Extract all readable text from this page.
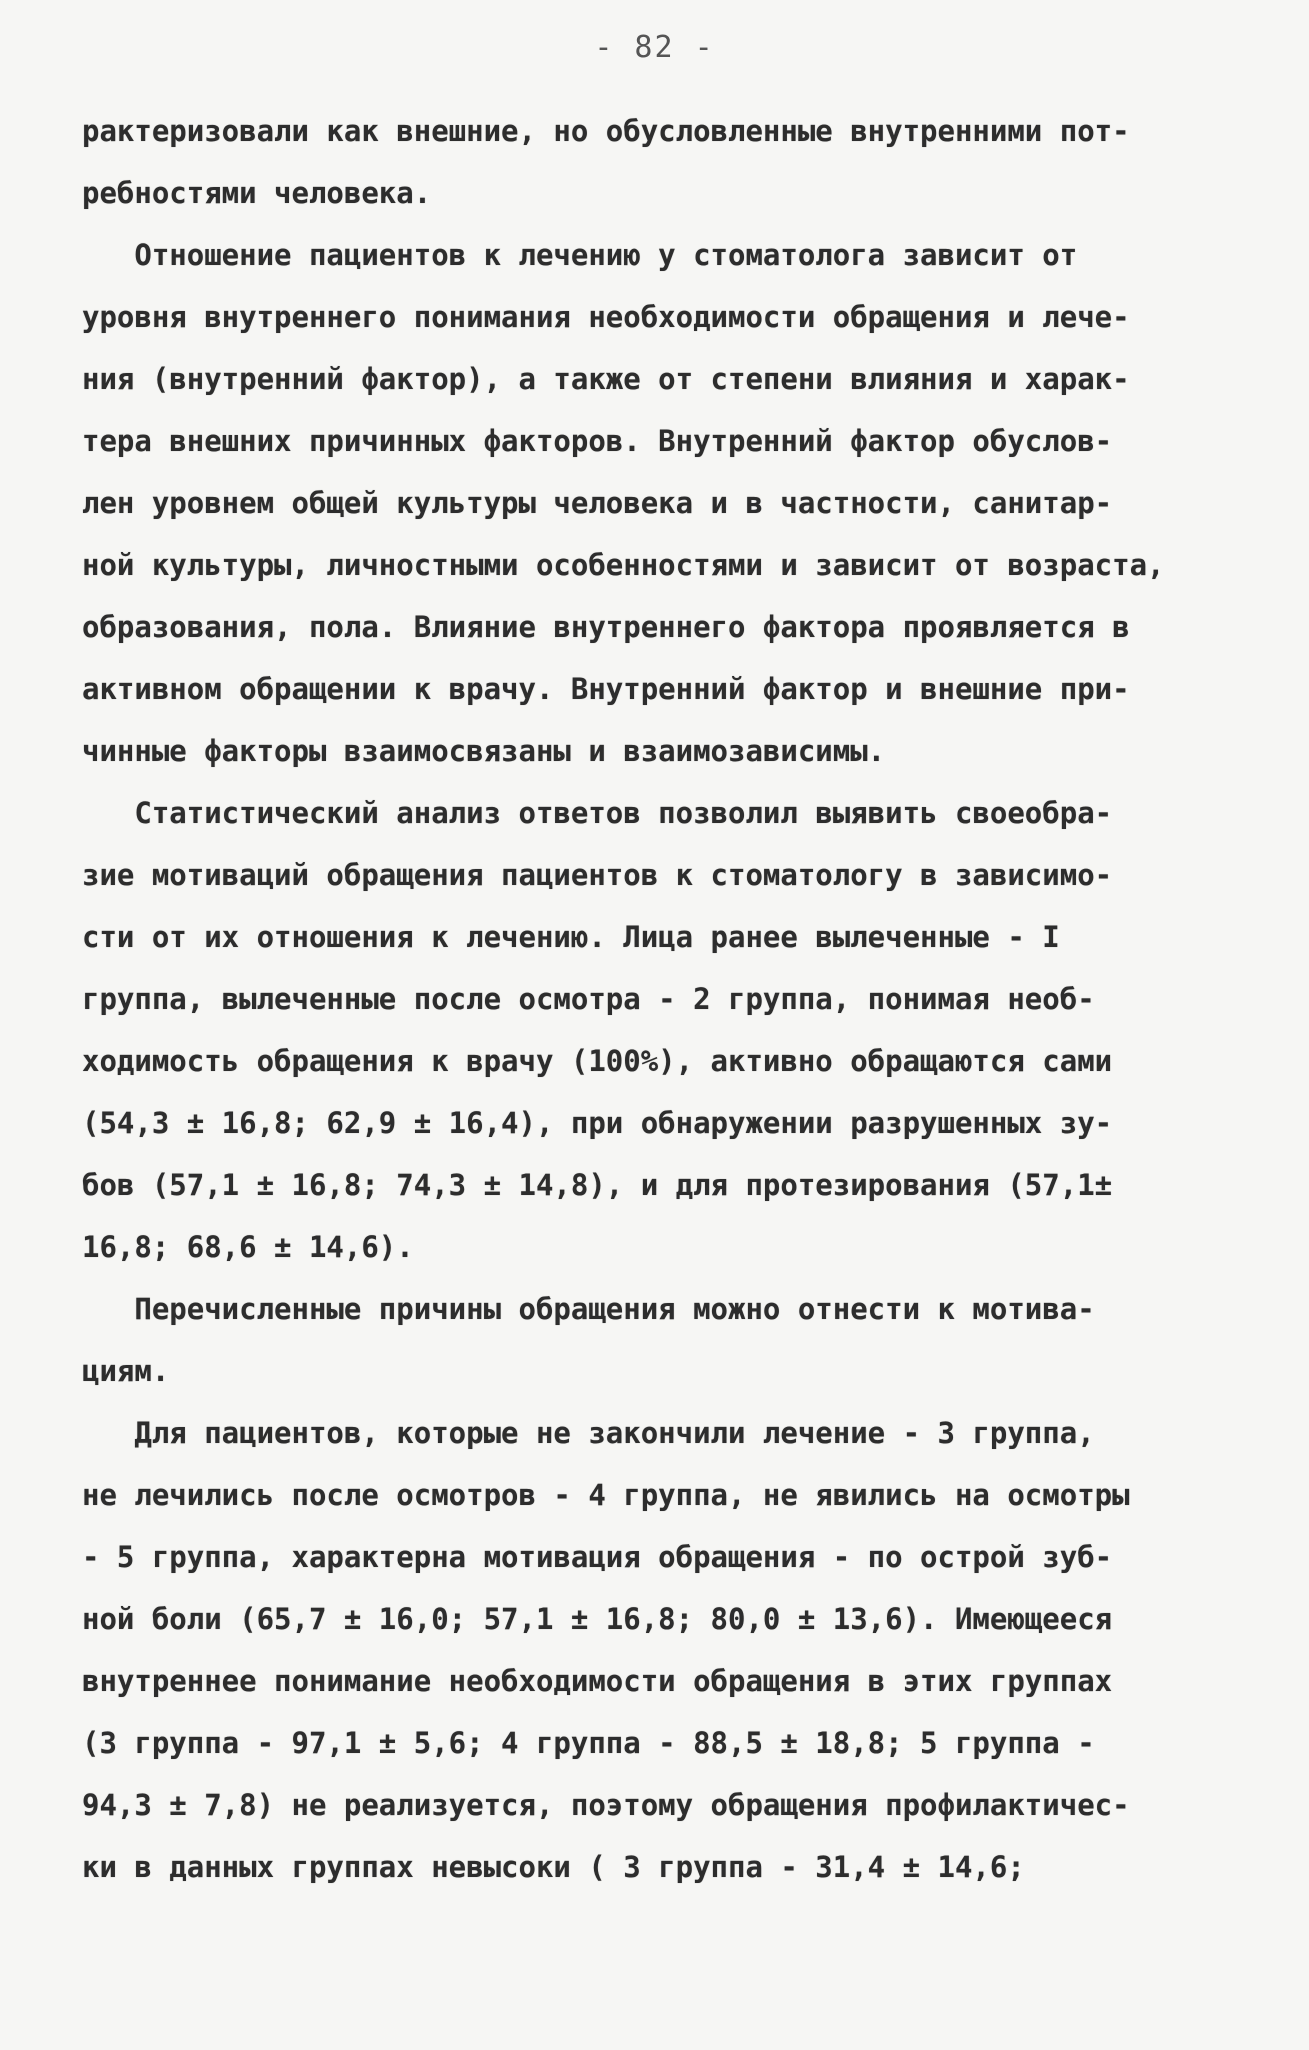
- 82 -
рактеризовали как внешние, но обусловленные внутренними пот-
ребностями человека.
Отношение пациентов к лечению у стоматолога зависит от
уровня внутреннего понимания необходимости обращения и лече-
ния (внутренний фактор), а также от степени влияния и харак-
тера внешних причинных факторов. Внутренний фактор обуслов-
лен уровнем общей культуры человека и в частности, санитар-
ной культуры, личностными особенностями и зависит от возраста,
образования, пола. Влияние внутреннего фактора проявляется в
активном обращении к врачу. Внутренний фактор и внешние при-
чинные факторы взаимосвязаны и взаимозависимы.
Статистический анализ ответов позволил выявить своеобра-
зие мотиваций обращения пациентов к стоматологу в зависимо-
сти от их отношения к лечению. Лица ранее вылеченные - I
группа, вылеченные после осмотра - 2 группа, понимая необ-
ходимость обращения к врачу (100%), активно обращаются сами
(54,3 ± 16,8; 62,9 ± 16,4), при обнаружении разрушенных зу-
бов (57,1 ± 16,8; 74,3 ± 14,8), и для протезирования (57,1±
16,8; 68,6 ± 14,6).
Перечисленные причины обращения можно отнести к мотива-
циям.
Для пациентов, которые не закончили лечение - 3 группа,
не лечились после осмотров - 4 группа, не явились на осмотры
- 5 группа, характерна мотивация обращения - по острой зуб-
ной боли (65,7 ± 16,0; 57,1 ± 16,8; 80,0 ± 13,6). Имеющееся
внутреннее понимание необходимости обращения в этих группах
(3 группа - 97,1 ± 5,6; 4 группа - 88,5 ± 18,8; 5 группа -
94,3 ± 7,8) не реализуется, поэтому обращения профилактичес-
ки в данных группах невысоки ( 3 группа - 31,4 ± 14,6;
